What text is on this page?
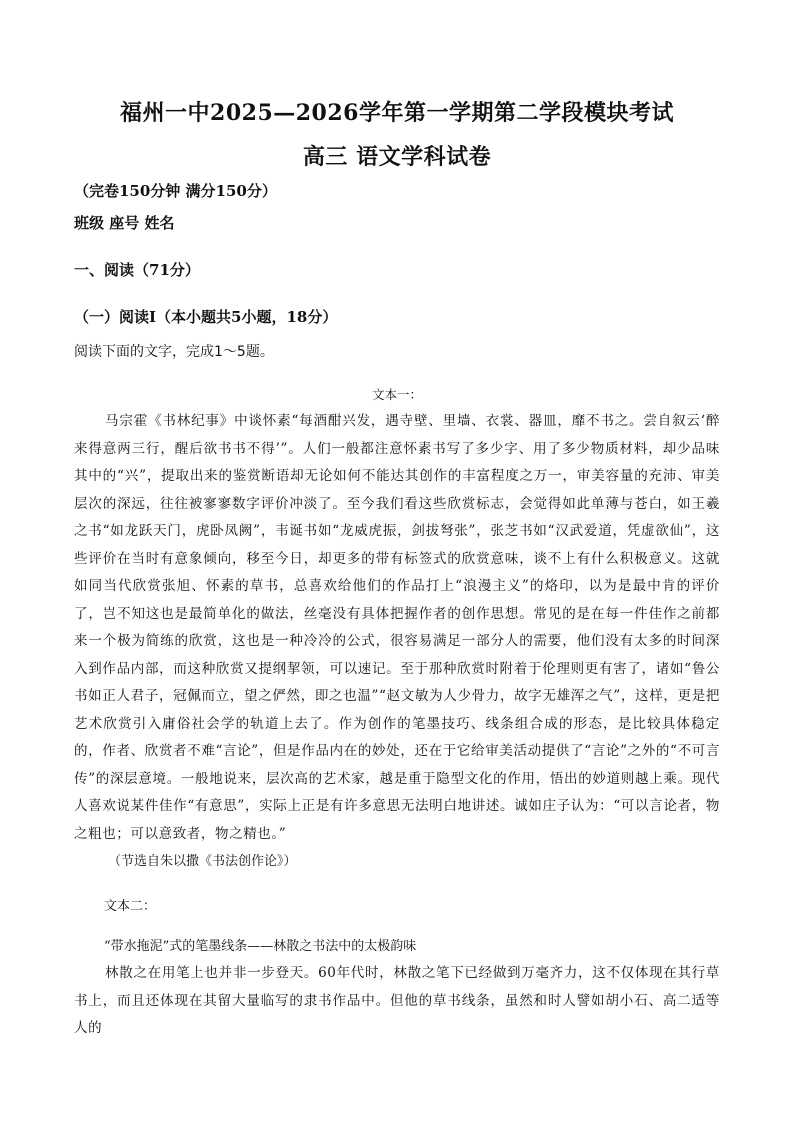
福州一中2025—2026学年第一学期第二学段模块考试
高三 语文学科试卷
（完卷150分钟 满分150分）
班级 座号 姓名
一、阅读（71分）
（一）阅读Ⅰ（本小题共5小题，18分）
阅读下面的文字，完成1～5题。
文本一：

马宗霍《书林纪事》中谈怀素“每酒酣兴发，遇寺壁、里墙、衣裳、器皿，靡不书之。尝自叙云‘醉来得意两三行，醒后欲书书不得’”。人们一般都注意怀素书写了多少字、用了多少物质材料，却少品味其中的“兴”，提取出来的鉴赏断语却无论如何不能达其创作的丰富程度之万一，审美容量的充沛、审美层次的深远，往往被寥寥数字评价冲淡了。至今我们看这些欣赏标志，会觉得如此单薄与苍白，如王羲之书“如龙跃天门，虎卧凤阙”，韦诞书如“龙威虎振，剑拔弩张”，张芝书如“汉武爱道，凭虚欲仙”，这些评价在当时有意象倾向，移至今日，却更多的带有标签式的欣赏意味，谈不上有什么积极意义。这就如同当代欣赏张旭、怀素的草书，总喜欢给他们的作品打上“浪漫主义”的烙印，以为是最中肯的评价了，岂不知这也是最简单化的做法，丝毫没有具体把握作者的创作思想。常见的是在每一件佳作之前都来一个极为简练的欣赏，这也是一种冷冷的公式，很容易满足一部分人的需要，他们没有太多的时间深入到作品内部，而这种欣赏又提纲挈领，可以速记。至于那种欣赏时附着于伦理则更有害了，诸如“鲁公书如正人君子，冠佩而立，望之俨然，即之也温”“赵文敏为人少骨力，故字无雄浑之气”，这样，更是把艺术欣赏引入庸俗社会学的轨道上去了。作为创作的笔墨技巧、线条组合成的形态，是比较具体稳定的，作者、欣赏者不难“言论”，但是作品内在的妙处，还在于它给审美活动提供了“言论”之外的“不可言传”的深层意境。一般地说来，层次高的艺术家，越是重于隐型文化的作用，悟出的妙道则越上乘。现代人喜欢说某件佳作“有意思”，实际上正是有许多意思无法明白地讲述。诚如庄子认为：“可以言论者，物之粗也；可以意致者，物之精也。”

（节选自朱以撒《书法创作论》）
文本二：
“带水拖泥”式的笔墨线条——林散之书法中的太极韵味

林散之在用笔上也并非一步登天。60年代时，林散之笔下已经做到万毫齐力，这不仅体现在其行草书上，而且还体现在其留大量临写的隶书作品中。但他的草书线条，虽然和时人譬如胡小石、高二适等人的
